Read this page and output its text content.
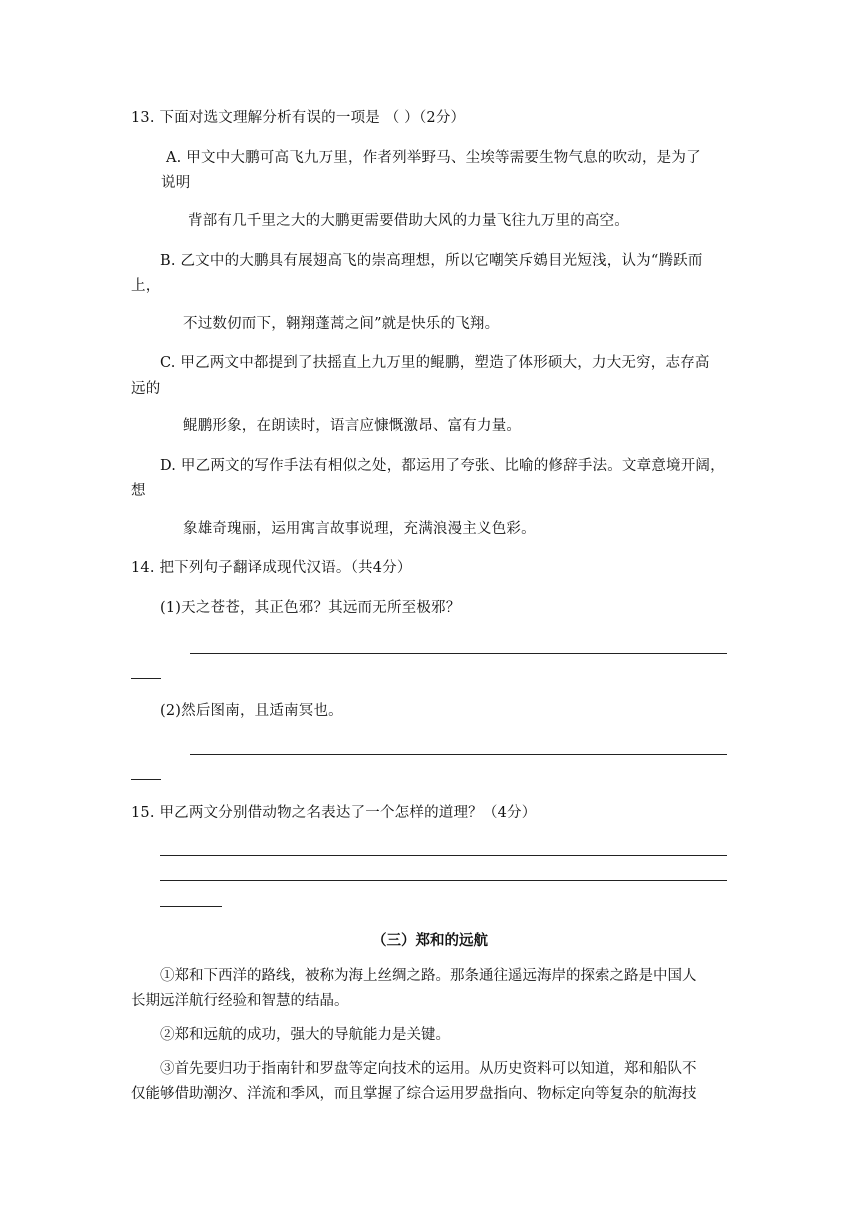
13. 下面对选文理解分析有误的一项是 （ ）（2分）
A. 甲文中大鹏可高飞九万里，作者列举野马、尘埃等需要生物气息的吹动，是为了
说明
背部有几千里之大的大鹏更需要借助大风的力量飞往九万里的高空。
B. 乙文中的大鹏具有展翅高飞的崇高理想，所以它嘲笑斥鴳目光短浅，认为“腾跃而
上，
不过数仞而下，翱翔蓬蒿之间”就是快乐的飞翔。
C. 甲乙两文中都提到了扶摇直上九万里的鲲鹏，塑造了体形硕大，力大无穷，志存高
远的
鲲鹏形象，在朗读时，语言应慷慨激昂、富有力量。
D. 甲乙两文的写作手法有相似之处，都运用了夸张、比喻的修辞手法。文章意境开阔，
想
象雄奇瑰丽，运用寓言故事说理，充满浪漫主义色彩。
14. 把下列句子翻译成现代汉语。（共4分）
(1)天之苍苍，其正色邪？其远而无所至极邪？
(2)然后图南，且适南冥也。
15. 甲乙两文分别借动物之名表达了一个怎样的道理？（4分）
（三）郑和的远航
①郑和下西洋的路线，被称为海上丝绸之路。那条通往遥远海岸的探索之路是中国人
长期远洋航行经验和智慧的结晶。
②郑和远航的成功，强大的导航能力是关键。
③首先要归功于指南针和罗盘等定向技术的运用。从历史资料可以知道，郑和船队不
仅能够借助潮汐、洋流和季风，而且掌握了综合运用罗盘指向、物标定向等复杂的航海技
